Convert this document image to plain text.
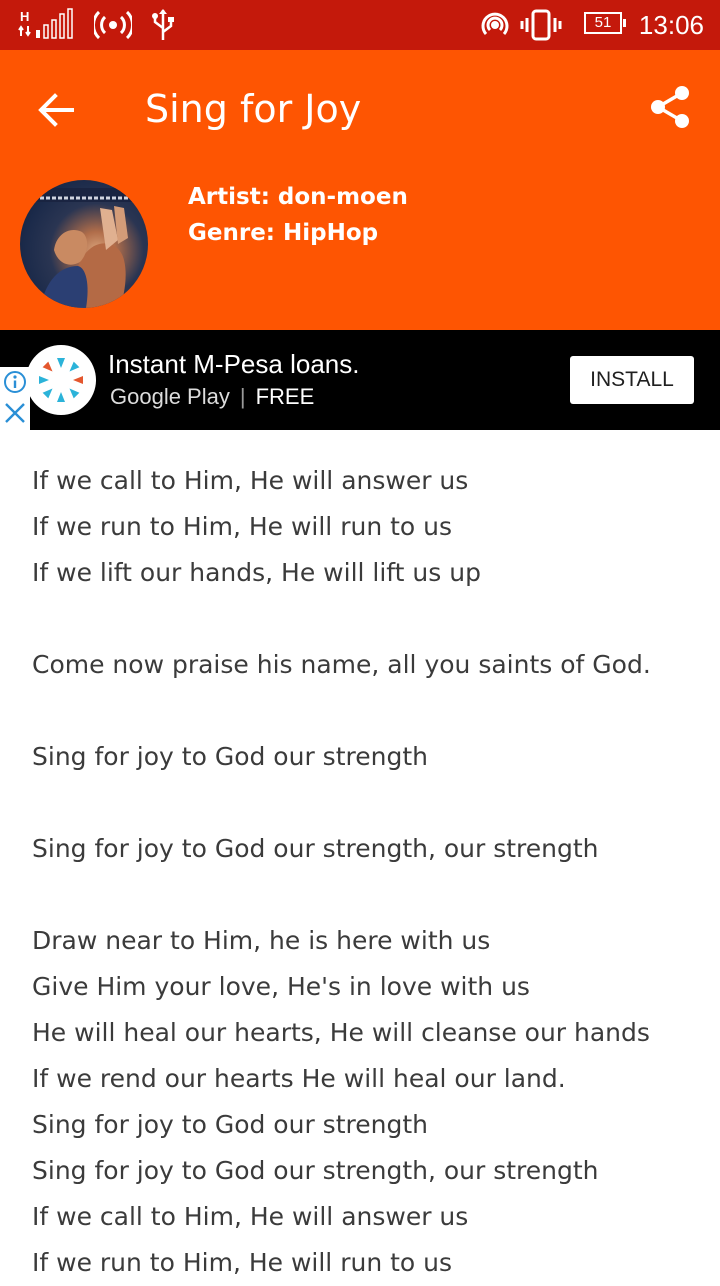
H	51	13:06
Sing for Joy
Artist: don-moen
Genre: HipHop
Instant M-Pesa loans.
Google Play | FREE
INSTALL
If we call to Him, He will answer us
If we run to Him, He will run to us
If we lift our hands, He will lift us up
Come now praise his name, all you saints of God.
Sing for joy to God our strength
Sing for joy to God our strength, our strength
Draw near to Him, he is here with us
Give Him your love, He's in love with us
He will heal our hearts, He will cleanse our hands
If we rend our hearts He will heal our land.
Sing for joy to God our strength
Sing for joy to God our strength, our strength
If we call to Him, He will answer us
If we run to Him, He will run to us
